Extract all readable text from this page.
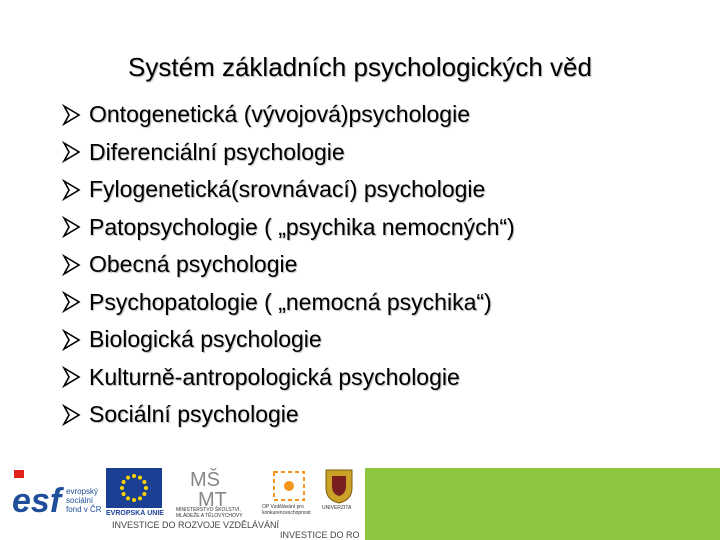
Systém základních psychologických věd
Ontogenetická (vývojová)psychologie
Diferenciální psychologie
Fylogenetická(srovnávací) psychologie
Patopsychologie ( „psychika nemocných“)
Obecná psychologie
Psychopatologie ( „nemocná psychika“)
Biologická psychologie
Kulturně-antropologická psychologie
Sociální psychologie
esf evropský
sociální
fond v ČR EVROPSKÁ UNIE
MŠ
MT
MINISTERSTVO ŠKOLSTVÍ, MLÁDEŽE A TĚLOVÝCHOVY
OP Vzdělávání pro konkurenceschopnost
UNIVERZITA
INVESTICE DO ROZVOJE VZDĚLÁVÁNÍ
INVESTICE DO RO
